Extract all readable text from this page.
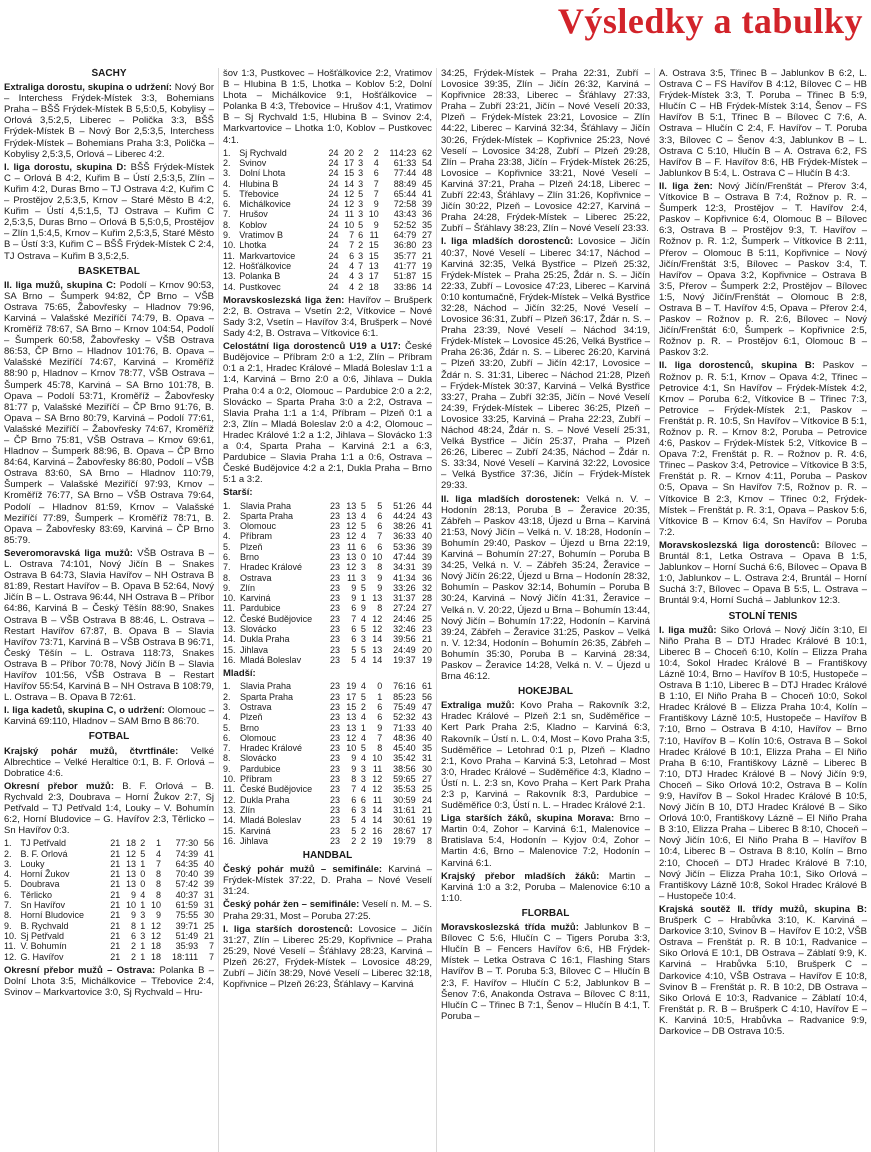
Výsledky a tabulky
ŠACHY

Extraliga dorostu, skupina o udržení: Nový Bor – Interchess Frýdek-Místek 3:3, Bohemians Praha – BŠŠ Frýdek-Místek B 5,5:0,5, Kobylisy – Orlová 3,5:2,5, Liberec – Polička 3:3, BŠŠ Frýdek-Místek B – Nový Bor 2,5:3,5, Interchess Frýdek-Místek – Bohemians Praha 3:3, Polička – Kobylisy 2,5:3,5, Orlová – Liberec 4:2.

I. liga dorostu, skupina D: BŠŠ Frýdek-Místek C – Orlová B 4:2, Kuřim B – Ústí 2,5:3,5, Zlín – Kuřim 4:2, Duras Brno – TJ Ostrava 4:2, Kuřim C – Prostějov 2,5:3,5, Krnov – Staré Město B 4:2, Kuřim – Ústí 4,5:1,5, TJ Ostrava – Kuřim C 2,5:3,5, Duras Brno – Orlová B 5,5:0,5, Prostějov – Zlín 1,5:4,5, Krnov – Kuřim 2,5:3,5, Staré Město B – Ústí 3:3, Kuřim C – BŠŠ Frýdek-Místek C 2:4, TJ Ostrava – Kuřim B 3,5:2,5.

BASKETBAL

II. liga mužů, skupina C: Podolí – Krnov 90:53, SA Brno – Šumperk 94:82, ČP Brno – VŠB Ostrava 75:65, Žabovřesky – Hladnov 79:96, Karviná – Valašské Meziříčí 74:79, B. Opava – Kroměříž 78:67, SA Brno – Krnov 104:54, Podolí – Šumperk 60:58, Žabovřesky – VŠB Ostrava 86:53, ČP Brno – Hladnov 101:76, B. Opava – Valašské Meziříčí 74:67, Karviná – Kroměříž 88:90 p, Hladnov – Krnov 78:77, VŠB Ostrava – Šumperk 45:78, Karviná – SA Brno 101:78, B. Opava – Podolí 53:71, Kroměříž – Žabovřesky 81:77 p, Valašské Meziříčí – ČP Brno 91:76, B. Opava – SA Brno 80:79, Karviná – Podolí 77:61, Valašské Meziříčí – Žabovřesky 74:67, Kroměříž – ČP Brno 75:81, VŠB Ostrava – Krnov 69:61, Hladnov – Šumperk 88:96, B. Opava – ČP Brno 84:64, Karviná – Žabovřesky 86:80, Podolí – VŠB Ostrava 83:60, SA Brno – Hladnov 110:79, Šumperk – Valašské Meziříčí 97:93, Krnov – Kroměříž 76:77, SA Brno – VŠB Ostrava 79:64, Podolí – Hladnov 81:59, Krnov – Valašské Meziříčí 77:89, Šumperk – Kroměříž 78:71, B. Opava – Žabovřesky 83:69, Karviná – ČP Brno 85:79.

Severomoravská liga mužů: VŠB Ostrava B – L. Ostrava 74:101, Nový Jičín B – Snakes Ostrava B 64:73, Slavia Havířov – NH Ostrava B 81:89, Restart Havířov – B. Opava B 52:64, Nový Jičín B – L. Ostrava 96:44, NH Ostrava B – Příbor 64:86, Karviná B – Český Těšín 88:90, Snakes Ostrava B – VŠB Ostrava B 88:46, L. Ostrava – Restart Havířov 67:87, B. Opava B – Slavia Havířov 73:71, Karviná B – VŠB Ostrava B 96:71, Český Těšín – L. Ostrava 118:73, Snakes Ostrava B – Příbor 70:78, Nový Jičín B – Slavia Havířov 101:56, VŠB Ostrava B – Restart Havířov 55:54, Karviná B – NH Ostrava B 108:79, L. Ostrava – B. Opava B 72:61.

I. liga kadetů, skupina C, o udržení: Olomouc – Karviná 69:110, Hladnov – SAM Brno B 86:70.

FOTBAL

Krajský pohár mužů, čtvrtfinále: Velké Albrechtice – Velké Heraltice 0:1, B. F. Orlová – Dobratice 4:6.

Okresní přebor mužů: B. F. Orlová – B. Rychvald 2:3, Doubrava – Horní Žukov 2:7, Sj Petřvald – TJ Petřvald 1:4, Louky – V. Bohumín 6:2, Horní Bludovice – G. Havířov 2:3, Těrlicko – Sn Havířov 0:3.

1.	TJ Petřvald	21	18	2	1	77:30	56
2.	B. F. Orlová	21	12	5	4	74:39	41
3.	Louky	21	13	1	7	64:35	40
4.	Horní Žukov	21	13	0	8	70:40	39
5.	Doubrava	21	13	0	8	57:42	39
6.	Těrlicko	21	9	4	8	40:37	31
7.	Sn Havířov	21	10	1	10	61:59	31
8.	Horní Bludovice	21	9	3	9	75:55	30
9.	B. Rychvald	21	8	1	12	39:71	25
10.	Sj Petřvald	21	6	3	12	51:49	21
11.	V. Bohumín	21	2	1	18	35:93	7
12.	G. Havířov	21	2	1	18	18:111	7

Okresní přebor mužů – Ostrava: Polanka B – Dolní Lhota 3:5, Michálkovice – Třebovice 2:4, Svinov – Markvartovice 3:0, Sj Rychvald – Hru-

šov 1:3, Pustkovec – Hošťálkovice 2:2, Vratimov B – Hlubina B 1:5, Lhotka – Koblov 5:2, Dolní Lhota – Michálkovice 9:1, Hošťálkovice – Polanka B 4:3, Třebovice – Hrušov 4:1, Vratimov B – Sj Rychvald 1:5, Hlubina B – Svinov 2:4, Markvartovice – Lhotka 1:0, Koblov – Pustkovec 4:1.

1.	Sj Rychvald	24	20	2	2	114:23	62
2.	Svinov	24	17	3	4	61:33	54
3.	Dolní Lhota	24	15	3	6	77:44	48
4.	Hlubina B	24	14	3	7	88:49	45
5.	Třebovice	24	12	5	7	65:44	41
6.	Michálkovice	24	12	3	9	72:58	39
7.	Hrušov	24	11	3	10	43:43	36
8.	Koblov	24	10	5	9	52:52	35
9.	Vratimov B	24	7	6	11	64:79	27
10.	Lhotka	24	7	2	15	36:80	23
11.	Markvartovice	24	6	3	15	35:77	21
12.	Hošťálkovice	24	4	7	13	41:77	19
13.	Polanka B	24	4	3	17	51:87	15
14.	Pustkovec	24	4	2	18	33:86	14

Moravskoslezská liga žen: Havířov – Brušperk 2:2, B. Ostrava – Vsetín 2:2, Vítkovice – Nové Sady 3:2, Vsetín – Havířov 3:4, Brušperk – Nové Sady 4:2, B. Ostrava – Vítkovice 6:1.

Celostátní liga dorostenců U19 a U17: České Budějovice – Příbram 2:0 a 1:2, Zlín – Příbram 0:1 a 2:1, Hradec Králové – Mladá Boleslav 1:1 a 1:4, Karviná – Brno 2:0 a 0:6, Jihlava – Dukla Praha 0:4 a 0:2, Olomouc – Pardubice 2:0 a 2:2, Slovácko – Sparta Praha 3:0 a 2:2, Ostrava – Slavia Praha 1:1 a 1:4, Příbram – Plzeň 0:1 a 2:3, Zlín – Mladá Boleslav 2:0 a 4:2, Olomouc – Hradec Králové 1:2 a 1:2, Jihlava – Slovácko 1:3 a 0:4, Sparta Praha – Karviná 2:1 a 6:3, Pardubice – Slavia Praha 1:1 a 0:6, Ostrava – České Budějovice 4:2 a 2:1, Dukla Praha – Brno 5:1 a 3:2.

Starší:

1.	Slavia Praha	23	13	5	5	51:26	44
2.	Sparta Praha	23	13	4	6	44:24	43
3.	Olomouc	23	12	5	6	38:26	41
4.	Příbram	23	12	4	7	36:33	40
5.	Plzeň	23	11	6	6	53:36	39
6.	Brno	23	13	0	10	47:44	39
7.	Hradec Králové	23	12	3	8	34:31	39
8.	Ostrava	23	11	3	9	41:34	36
9.	Zlín	23	9	5	9	33:26	32
10.	Karviná	23	9	1	13	31:37	28
11.	Pardubice	23	6	9	8	27:24	27
12.	České Budějovice	23	7	4	12	24:46	25
13.	Slovácko	23	6	5	12	32:46	23
14.	Dukla Praha	23	6	3	14	39:56	21
15.	Jihlava	23	5	5	13	24:49	20
16.	Mladá Boleslav	23	5	4	14	19:37	19

Mladší:

1.	Slavia Praha	23	19	4	0	76:16	61
2.	Sparta Praha	23	17	5	1	85:23	56
3.	Ostrava	23	15	2	6	75:49	47
4.	Plzeň	23	13	4	6	52:32	43
5.	Brno	23	13	1	9	71:33	40
6.	Olomouc	23	12	4	7	48:36	40
7.	Hradec Králové	23	10	5	8	45:40	35
8.	Slovácko	23	9	4	10	35:42	31
9.	Pardubice	23	9	3	11	38:56	30
10.	Příbram	23	8	3	12	59:65	27
11.	České Budějovice	23	7	4	12	35:53	25
12.	Dukla Praha	23	6	6	11	30:59	24
13.	Zlín	23	6	3	14	31:61	21
14.	Mladá Boleslav	23	5	4	14	30:61	19
15.	Karviná	23	5	2	16	28:67	17
16.	Jihlava	23	2	2	19	19:79	8
HANDBAL

Český pohár mužů – semifinále: Karviná – Frýdek-Místek 37:22, D. Praha – Nové Veselí 31:24.

Český pohár žen – semifinále: Veselí n. M. – S. Praha 29:31, Most – Poruba 27:25.

I. liga starších dorostenců: Lovosice – Jičín 31:27, Zlín – Liberec 25:29, Kopřivnice – Praha 25:29, Nové Veselí – Šťáhlavy 28:23, Karviná – Plzeň 26:27, Frýdek-Místek – Lovosice 48:29, Zubří – Jičín 38:29, Nové Veselí – Liberec 32:18, Kopřivnice – Plzeň 26:23, Šťáhlavy – Karviná

34:25, Frýdek-Místek – Praha 22:31, Zubří – Lovosice 39:35, Zlín – Jičín 26:32, Karviná – Kopřivnice 28:33, Liberec – Šťáhlavy 27:33, Praha – Zubří 23:21, Jičín – Nové Veselí 20:33, Plzeň – Frýdek-Místek 23:21, Lovosice – Zlín 44:22, Liberec – Karviná 32:34, Šťáhlavy – Jičín 30:26, Frýdek-Místek – Kopřivnice 25:23, Nové Veselí – Lovosice 34:28, Zubří – Plzeň 29:28, Zlín – Praha 23:38, Jičín – Frýdek-Místek 26:25, Lovosice – Kopřivnice 33:21, Nové Veselí – Karviná 37:21, Praha – Plzeň 24:18, Liberec – Zubří 22:43, Šťáhlavy – Zlín 31:26, Kopřivnice – Jičín 30:22, Plzeň – Lovosice 42:27, Karviná – Praha 24:28, Frýdek-Místek – Liberec 25:22, Zubří – Šťáhlavy 38:23, Zlín – Nové Veselí 23:33.

I. liga mladších dorostenců: Lovosice – Jičín 40:37, Nové Veselí – Liberec 34:17, Náchod – Karviná 32:35, Velká Bystřice – Plzeň 25:32, Frýdek-Místek – Praha 25:25, Ždár n. S. – Jičín 22:33, Zubří – Lovosice 47:23, Liberec – Karviná 0:10 kontumačně, Frýdek-Místek – Velká Bystřice 32:28, Náchod – Jičín 32:25, Nové Veselí – Lovosice 36:31, Zubří – Plzeň 36:17, Ždár n. S. – Praha 23:39, Nové Veselí – Náchod 34:19, Frýdek-Místek – Lovosice 45:26, Velká Bystřice – Praha 26:36, Ždár n. S. – Liberec 26:20, Karviná – Plzeň 33:20, Zubří – Jičín 42:17, Lovosice – Ždár n. S. 31:31, Liberec – Náchod 21:28, Plzeň – Frýdek-Místek 30:37, Karviná – Velká Bystřice 33:27, Praha – Zubří 32:35, Jičín – Nové Veselí 24:39, Frýdek-Místek – Liberec 36:25, Plzeň – Lovosice 33:25, Karviná – Praha 22:23, Zubří – Náchod 48:24, Ždár n. S. – Nové Veselí 25:31, Velká Bystřice – Jičín 25:37, Praha – Plzeň 26:26, Liberec – Zubří 24:35, Náchod – Ždár n. S. 33:34, Nové Veselí – Karviná 32:22, Lovosice – Velká Bystřice 37:36, Jičín – Frýdek-Místek 29:33.

II. liga mladších dorostenek: Velká n. V. – Hodonín 28:13, Poruba B – Žeravice 20:35, Zábřeh – Paskov 43:18, Újezd u Brna – Karviná 21:53, Nový Jičín – Velká n. V. 18:28, Hodonín – Bohumín 29:40, Paskov – Újezd u Brna 22:19, Karviná – Bohumín 27:27, Bohumín – Poruba B 34:25, Velká n. V. – Zábřeh 35:24, Žeravice – Nový Jičín 26:22, Újezd u Brna – Hodonín 28:32, Bohumín – Paskov 32:14, Bohumín – Poruba B 30:24, Karviná – Nový Jičín 41:31, Žeravice – Velká n. V. 20:22, Újezd u Brna – Bohumín 13:44, Nový Jičín – Bohumín 17:22, Hodonín – Karviná 39:24, Zábřeh – Žeravice 31:25, Paskov – Velká n. V. 12:34, Hodonín – Bohumín 26:35, Zábřeh – Bohumín 35:30, Poruba B – Karviná 28:34, Paskov – Žeravice 14:28, Velká n. V. – Újezd u Brna 46:12.

HOKEJBAL

Extraliga mužů: Kovo Praha – Rakovník 3:2, Hradec Králové – Plzeň 2:1 sn, Suděměřice – Kert Park Praha 2:5, Kladno – Karviná 6:3, Rakovník – Ústí n. L. 0:4, Most – Kovo Praha 3:5, Suděměřice – Letohrad 0:1 p, Plzeň – Kladno 2:1, Kovo Praha – Karviná 5:3, Letohrad – Most 3:0, Hradec Králové – Suděměřice 4:3, Kladno – Ústí n. L. 2:3 sn, Kovo Praha – Kert Park Praha 2:3 p, Karviná – Rakovník 8:3, Pardubice – Suděměřice 0:3, Ústí n. L. – Hradec Králové 2:1.

Liga starších žáků, skupina Morava: Brno – Martin 0:4, Zohor – Karviná 6:1, Malenovice – Bratislava 5:4, Hodonín – Kyjov 0:4, Zohor – Martin 4:6, Brno – Malenovice 7:2, Hodonín – Karviná 6:1.

Krajský přebor mladších žáků: Martin – Karviná 1:0 a 3:2, Poruba – Malenovice 6:10 a 1:10.

FLORBAL

Moravskoslezská třída mužů: Jablunkov B – Bílovec C 5:6, Hlučín C – Tigers Poruba 3:3, Hlučín B – Fencers Havířov 6:6, HB Frýdek-Místek – Letka Ostrava C 16:1, Flashing Stars Havířov B – T. Poruba 5:3, Bílovec C – Hlučín B 2:3, F. Havířov – Hlučín C 5:2, Jablunkov B – Šenov 7:6, Anakonda Ostrava – Bílovec C 8:11, Hlučín C – Třinec B 7:1, Šenov – Hlučín B 4:1, T. Poruba –

A. Ostrava 3:5, Třinec B – Jablunkov B 6:2, L. Ostrava C – FS Havířov B 4:12, Bílovec C – HB Frýdek-Místek 3:3, T. Poruba – Třinec B 5:9, Hlučín C – HB Frýdek-Místek 3:14, Šenov – FS Havířov B 5:1, Třinec B – Bílovec C 7:6, A. Ostrava – Hlučín C 2:4, F. Havířov – T. Poruba 3:3, Bílovec C – Šenov 4:3, Jablunkov B – L. Ostrava C 5:10, Hlučín B – A. Ostrava 6:2, FS Havířov B – F. Havířov 8:6, HB Frýdek-Místek – Jablunkov B 5:4, L. Ostrava C – Hlučín B 4:3.

II. liga žen: Nový Jičín/Frenštát – Přerov 3:4, Vítkovice B – Ostrava B 7:4, Rožnov p. R. – Šumperk 12:3, Prostějov – T. Havířov 2:4, Paskov – Kopřivnice 6:4, Olomouc B – Bílovec 6:3, Ostrava B – Prostějov 9:3, T. Havířov – Rožnov p. R. 1:2, Šumperk – Vítkovice B 2:11, Přerov – Olomouc B 5:11, Kopřivnice – Nový Jičín/Frenštát 3:5, Bílovec – Paskov 3:4, T. Havířov – Opava 3:2, Kopřivnice – Ostrava B 3:5, Přerov – Šumperk 2:2, Prostějov – Bílovec 1:5, Nový Jičín/Frenštát – Olomouc B 2:8, Ostrava B – T. Havířov 4:5, Opava – Přerov 2:4, Paskov – Rožnov p. R. 2:6, Bílovec – Nový Jičín/Frenštát 6:0, Šumperk – Kopřivnice 2:5, Rožnov p. R. – Prostějov 6:1, Olomouc B – Paskov 3:2.

II. liga dorostenců, skupina B: Paskov – Rožnov p. R. 5:1, Krnov – Opava 4:2, Třinec – Petrovice 4:1, Sn Havířov – Frýdek-Místek 4:2, Krnov – Poruba 6:2, Vítkovice B – Třinec 7:3, Petrovice – Frýdek-Místek 2:1, Paskov – Frenštát p. R. 10:5, Sn Havířov – Vítkovice B 5:1, Rožnov p. R. – Krnov 8:2, Poruba – Petrovice 4:6, Paskov – Frýdek-Místek 5:2, Vítkovice B – Opava 7:2, Frenštát p. R. – Rožnov p. R. 4:6, Třinec – Paskov 3:4, Petrovice – Vítkovice B 3:5, Frenštát p. R. – Krnov 4:11, Poruba – Paskov 0:5, Opava – Sn Havířov 7:5, Rožnov p. R. – Vítkovice B 2:3, Krnov – Třinec 0:2, Frýdek-Místek – Frenštát p. R. 3:1, Opava – Paskov 5:6, Vítkovice B – Krnov 6:4, Sn Havířov – Poruba 7:2.

Moravskoslezská liga dorostenců: Bílovec – Bruntál 8:1, Letka Ostrava – Opava B 1:5, Jablunkov – Horní Suchá 6:6, Bílovec – Opava B 1:0, Jablunkov – L. Ostrava 2:4, Bruntál – Horní Suchá 3:7, Bílovec – Opava B 5:5, L. Ostrava – Bruntál 9:4, Horní Suchá – Jablunkov 12:3.

STOLNÍ TENIS

I. liga mužů: Siko Orlová – Nový Jičín 3:10, El Niño Praha B – DTJ Hradec Králové B 10:1, Liberec B – Choceň 6:10, Kolín – Elizza Praha 10:4, Sokol Hradec Králové B – Františkovy Lázně 10:4, Brno – Havířov B 10:5, Hustopeče – Ostrava B 1:10, Liberec B – DTJ Hradec Králové B 1:10, El Niño Praha B – Choceň 10:0, Sokol Hradec Králové B – Elizza Praha 10:4, Kolín – Františkovy Lázně 10:5, Hustopeče – Havířov B 7:10, Brno – Ostrava B 4:10, Havířov – Brno 7:10, Havířov B – Kolín 10:6, Ostrava B – Sokol Hradec Králové B 10:1, Elizza Praha – El Niño Praha B 6:10, Františkovy Lázně – Liberec B 7:10, DTJ Hradec Králové B – Nový Jičín 9:9, Choceň – Siko Orlová 10:2, Ostrava B – Kolín 9:9, Havířov B – Sokol Hradec Králové B 10:5, Nový Jičín B 10, DTJ Hradec Králové B – Siko Orlová 10:0, Františkovy Lázně – El Niño Praha B 3:10, Elizza Praha – Liberec B 8:10, Choceň – Nový Jičín 10:6, El Niño Praha B – Havířov B 10:4, Liberec B – Ostrava B 8:10, Kolín – Brno 2:10, Choceň – DTJ Hradec Králové B 7:10, Nový Jičín – Elizza Praha 10:1, Siko Orlová – Františkovy Lázně 10:8, Sokol Hradec Králové B – Hustopeče 10:4.

Krajská soutěž II. třídy mužů, skupina B: Brušperk C – Hrabůvka 3:10, K. Karviná – Darkovice 3:10, Svinov B – Havířov E 10:2, VŠB Ostrava – Frenštát p. R. B 10:1, Radvanice – Siko Orlová E 10:1, DB Ostrava – Záblatí 9:9, K. Karviná – Hrabůvka 5:10, Brušperk C – Darkovice 4:10, VŠB Ostrava – Havířov E 10:8, Svinov B – Frenštát p. R. B 10:2, DB Ostrava – Siko Orlová E 10:3, Radvanice – Záblatí 10:4, Frenštát p. R. B – Brušperk C 4:10, Havířov E – K. Karviná 10:5, Hrabůvka – Radvanice 9:9, Darkovice – DB Ostrava 10:5.
